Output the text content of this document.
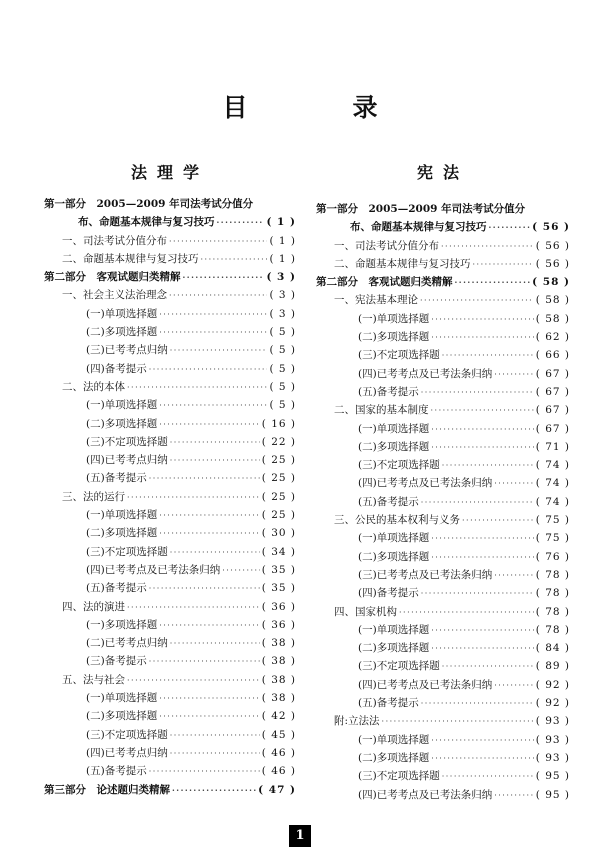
目　录
法理学
第一部分　2005—2009 年司法考试分值分
布、命题基本规律与复习技巧 ·····	( 1 )
一、司法考试分值分布 ·····	( 1 )
二、命题基本规律与复习技巧 ·····	( 1 )
第二部分　客观试题归类精解 ·····	( 3 )
一、社会主义法治理念 ·····	( 3 )
(一)单项选择题 ·····	( 3 )
(二)多项选择题 ·····	( 5 )
(三)已考考点归纳 ·····	( 5 )
(四)备考提示 ·····	( 5 )
二、法的本体 ·····	( 5 )
(一)单项选择题 ·····	( 5 )
(二)多项选择题 ·····	( 16 )
(三)不定项选择题 ·····	( 22 )
(四)已考考点归纳 ·····	( 25 )
(五)备考提示 ·····	( 25 )
三、法的运行 ·····	( 25 )
(一)单项选择题 ·····	( 25 )
(二)多项选择题 ·····	( 30 )
(三)不定项选择题 ·····	( 34 )
(四)已考考点及已考法条归纳 ·····	( 35 )
(五)备考提示 ·····	( 35 )
四、法的演进 ·····	( 36 )
(一)多项选择题 ·····	( 36 )
(二)已考考点归纳 ·····	( 38 )
(三)备考提示 ·····	( 38 )
五、法与社会 ·····	( 38 )
(一)单项选择题 ·····	( 38 )
(二)多项选择题 ·····	( 42 )
(三)不定项选择题 ·····	( 45 )
(四)已考考点归纳 ·····	( 46 )
(五)备考提示 ·····	( 46 )
第三部分　论述题归类精解 ·····	( 47 )
宪法
第一部分　2005—2009 年司法考试分值分
布、命题基本规律与复习技巧 ·····	( 56 )
一、司法考试分值分布 ·····	( 56 )
二、命题基本规律与复习技巧 ·····	( 56 )
第二部分　客观试题归类精解 ·····	( 58 )
一、宪法基本理论 ·····	( 58 )
(一)单项选择题 ·····	( 58 )
(二)多项选择题 ·····	( 62 )
(三)不定项选择题 ·····	( 66 )
(四)已考考点及已考法条归纳 ·····	( 67 )
(五)备考提示 ·····	( 67 )
二、国家的基本制度 ·····	( 67 )
(一)单项选择题 ·····	( 67 )
(二)多项选择题 ·····	( 71 )
(三)不定项选择题 ·····	( 74 )
(四)已考考点及已考法条归纳 ·····	( 74 )
(五)备考提示 ·····	( 74 )
三、公民的基本权利与义务 ·····	( 75 )
(一)单项选择题 ·····	( 75 )
(二)多项选择题 ·····	( 76 )
(三)已考考点及已考法条归纳 ·····	( 78 )
(四)备考提示 ·····	( 78 )
四、国家机构 ·····	( 78 )
(一)单项选择题 ·····	( 78 )
(二)多项选择题 ·····	( 84 )
(三)不定项选择题 ·····	( 89 )
(四)已考考点及已考法条归纳 ·····	( 92 )
(五)备考提示 ·····	( 92 )
附:立法法 ·····	( 93 )
(一)单项选择题 ·····	( 93 )
(二)多项选择题 ·····	( 93 )
(三)不定项选择题 ·····	( 95 )
(四)已考考点及已考法条归纳 ·····	( 95 )
1
